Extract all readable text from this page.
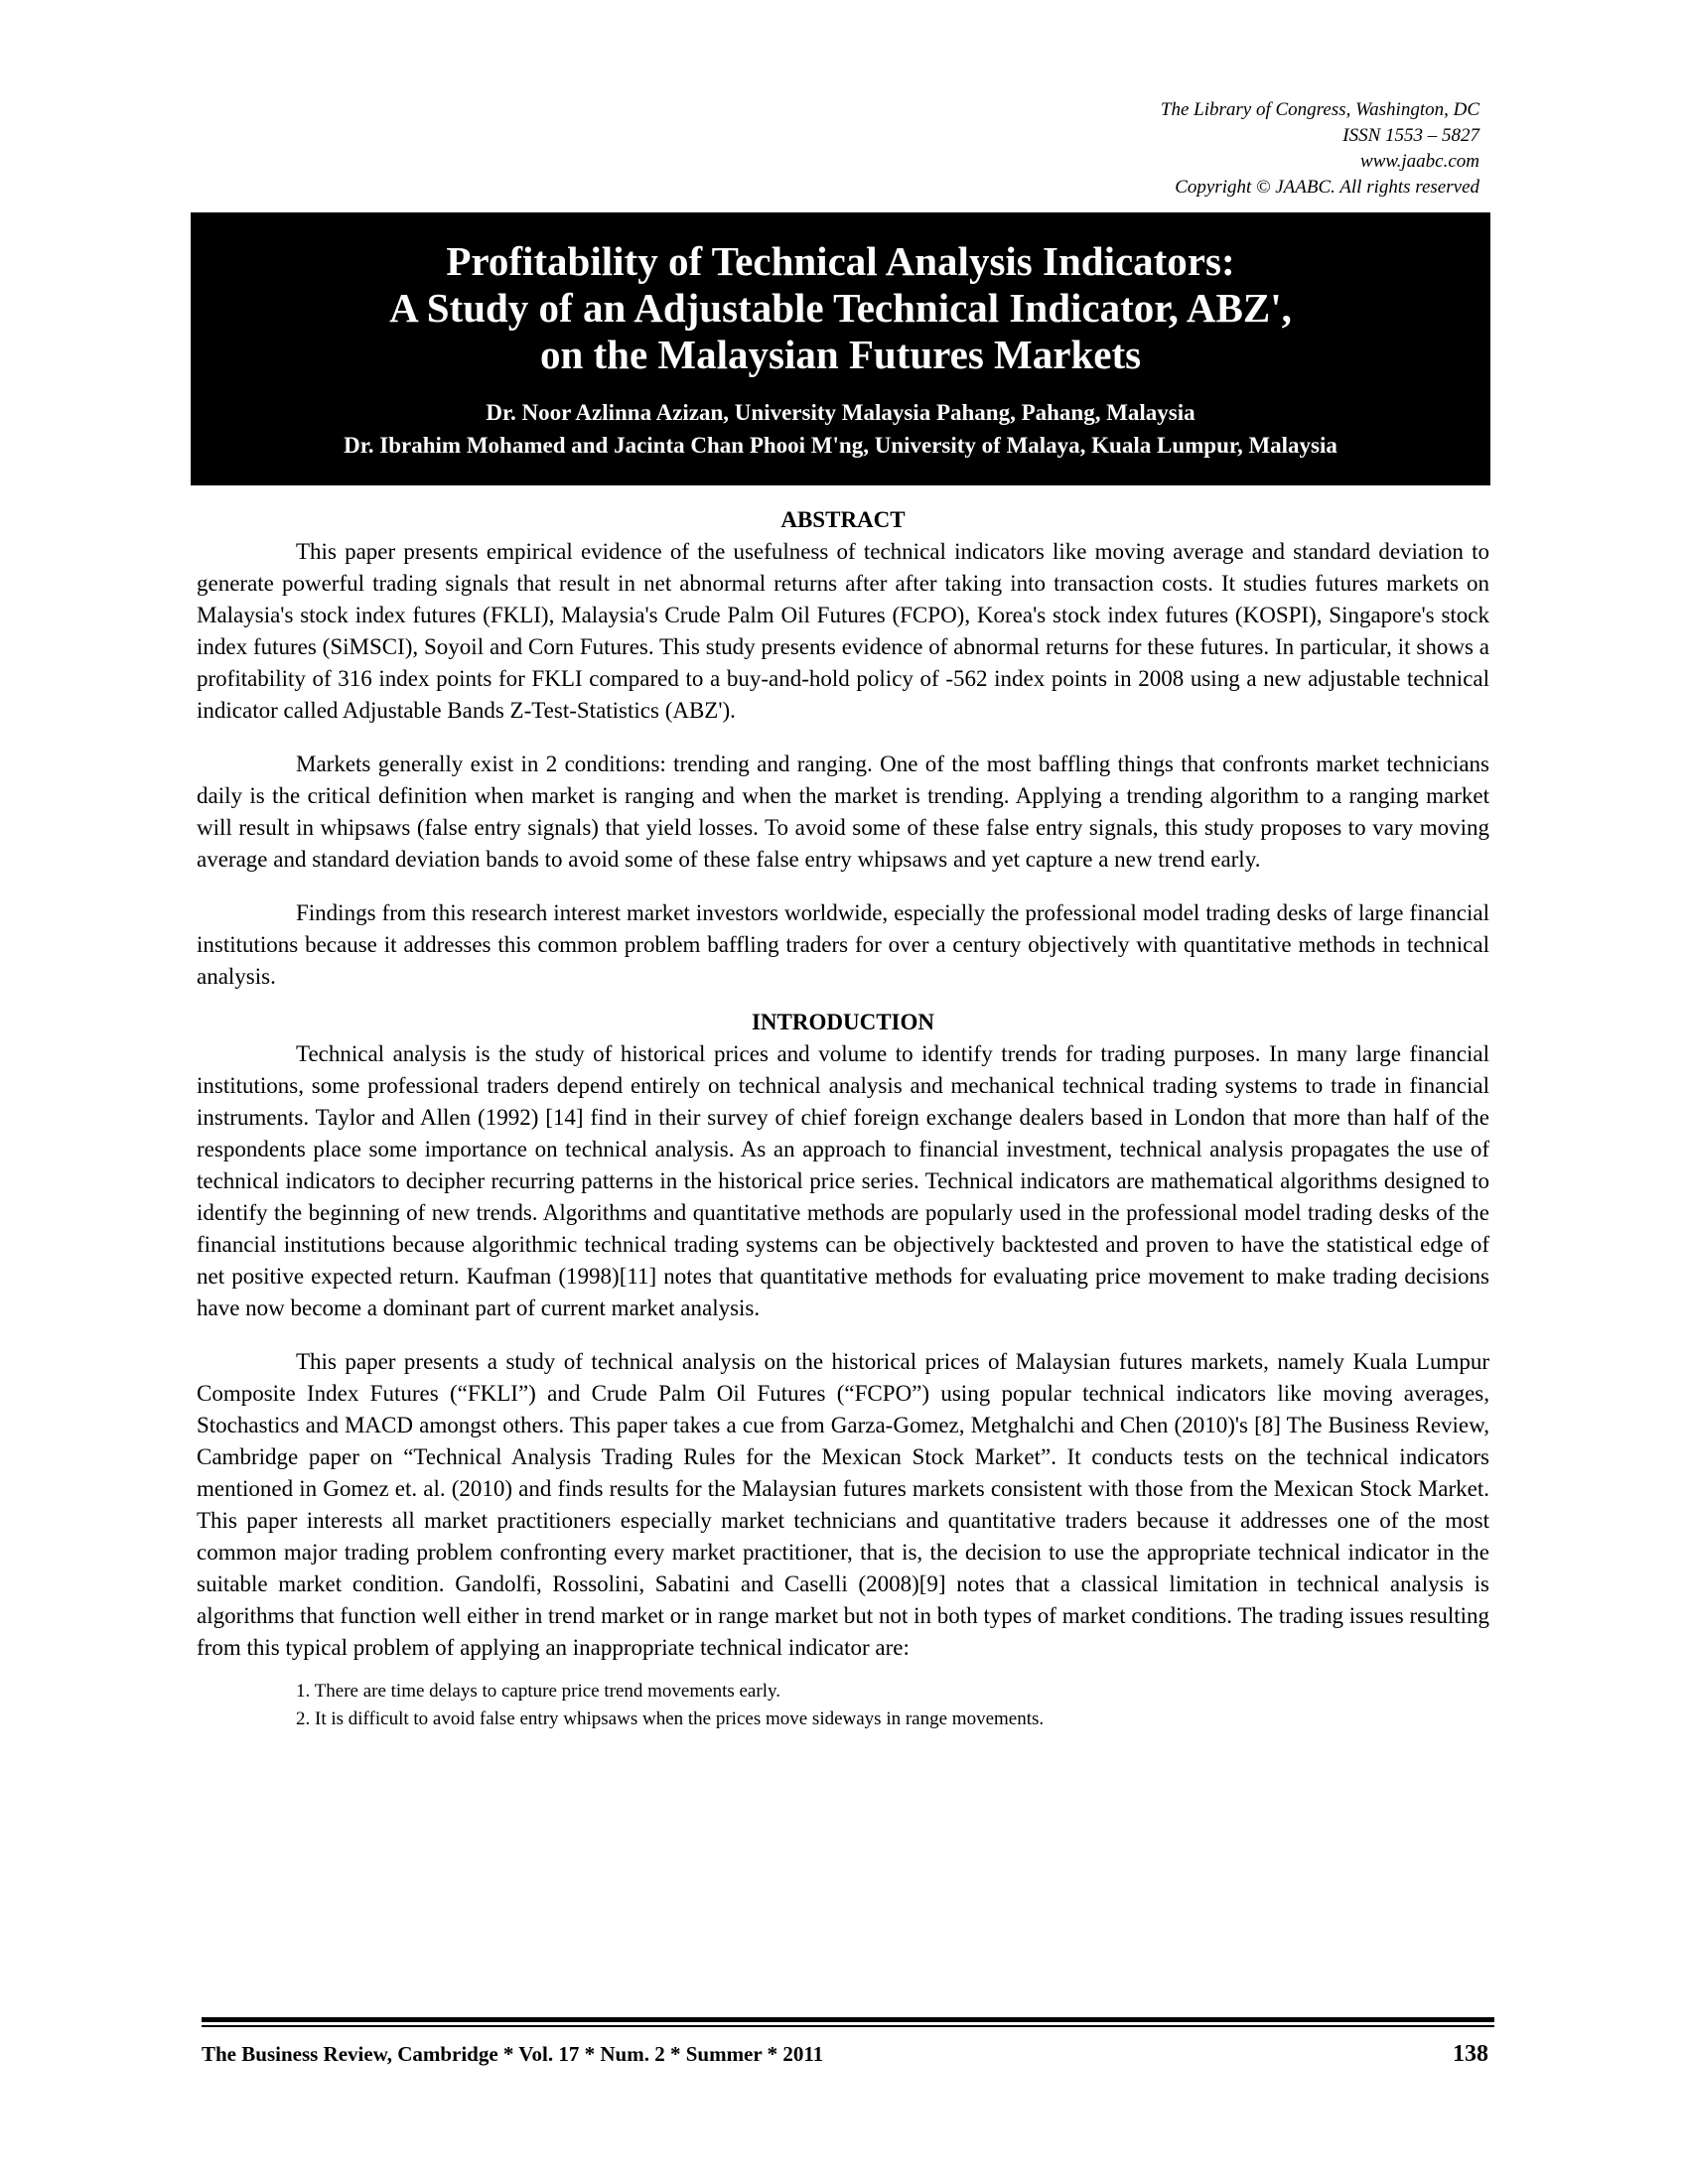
The Library of Congress, Washington, DC
ISSN 1553 – 5827
www.jaabc.com
Copyright © JAABC. All rights reserved
Profitability of Technical Analysis Indicators:
A Study of an Adjustable Technical Indicator, ABZ',
on the Malaysian Futures Markets
Dr. Noor Azlinna Azizan, University Malaysia Pahang, Pahang, Malaysia
Dr. Ibrahim Mohamed and Jacinta Chan Phooi M'ng, University of Malaya, Kuala Lumpur, Malaysia
ABSTRACT

This paper presents empirical evidence of the usefulness of technical indicators like moving average and standard deviation to generate powerful trading signals that result in net abnormal returns after after taking into transaction costs. It studies futures markets on Malaysia's stock index futures (FKLI), Malaysia's Crude Palm Oil Futures (FCPO), Korea's stock index futures (KOSPI), Singapore's stock index futures (SiMSCI), Soyoil and Corn Futures. This study presents evidence of abnormal returns for these futures. In particular, it shows a profitability of 316 index points for FKLI compared to a buy-and-hold policy of -562 index points in 2008 using a new adjustable technical indicator called Adjustable Bands Z-Test-Statistics (ABZ').

Markets generally exist in 2 conditions: trending and ranging. One of the most baffling things that confronts market technicians daily is the critical definition when market is ranging and when the market is trending. Applying a trending algorithm to a ranging market will result in whipsaws (false entry signals) that yield losses. To avoid some of these false entry signals, this study proposes to vary moving average and standard deviation bands to avoid some of these false entry whipsaws and yet capture a new trend early.

Findings from this research interest market investors worldwide, especially the professional model trading desks of large financial institutions because it addresses this common problem baffling traders for over a century objectively with quantitative methods in technical analysis.

INTRODUCTION

Technical analysis is the study of historical prices and volume to identify trends for trading purposes. In many large financial institutions, some professional traders depend entirely on technical analysis and mechanical technical trading systems to trade in financial instruments. Taylor and Allen (1992) [14] find in their survey of chief foreign exchange dealers based in London that more than half of the respondents place some importance on technical analysis. As an approach to financial investment, technical analysis propagates the use of technical indicators to decipher recurring patterns in the historical price series. Technical indicators are mathematical algorithms designed to identify the beginning of new trends. Algorithms and quantitative methods are popularly used in the professional model trading desks of the financial institutions because algorithmic technical trading systems can be objectively backtested and proven to have the statistical edge of net positive expected return. Kaufman (1998)[11] notes that quantitative methods for evaluating price movement to make trading decisions have now become a dominant part of current market analysis.

This paper presents a study of technical analysis on the historical prices of Malaysian futures markets, namely Kuala Lumpur Composite Index Futures (“FKLI”) and Crude Palm Oil Futures (“FCPO”) using popular technical indicators like moving averages, Stochastics and MACD amongst others. This paper takes a cue from Garza-Gomez, Metghalchi and Chen (2010)'s [8] The Business Review, Cambridge paper on “Technical Analysis Trading Rules for the Mexican Stock Market”. It conducts tests on the technical indicators mentioned in Gomez et. al. (2010) and finds results for the Malaysian futures markets consistent with those from the Mexican Stock Market. This paper interests all market practitioners especially market technicians and quantitative traders because it addresses one of the most common major trading problem confronting every market practitioner, that is, the decision to use the appropriate technical indicator in the suitable market condition. Gandolfi, Rossolini, Sabatini and Caselli (2008)[9] notes that a classical limitation in technical analysis is algorithms that function well either in trend market or in range market but not in both types of market conditions. The trading issues resulting from this typical problem of applying an inappropriate technical indicator are:

1. There are time delays to capture price trend movements early.
2. It is difficult to avoid false entry whipsaws when the prices move sideways in range movements.
The Business Review, Cambridge * Vol. 17 * Num. 2 * Summer * 2011	138
